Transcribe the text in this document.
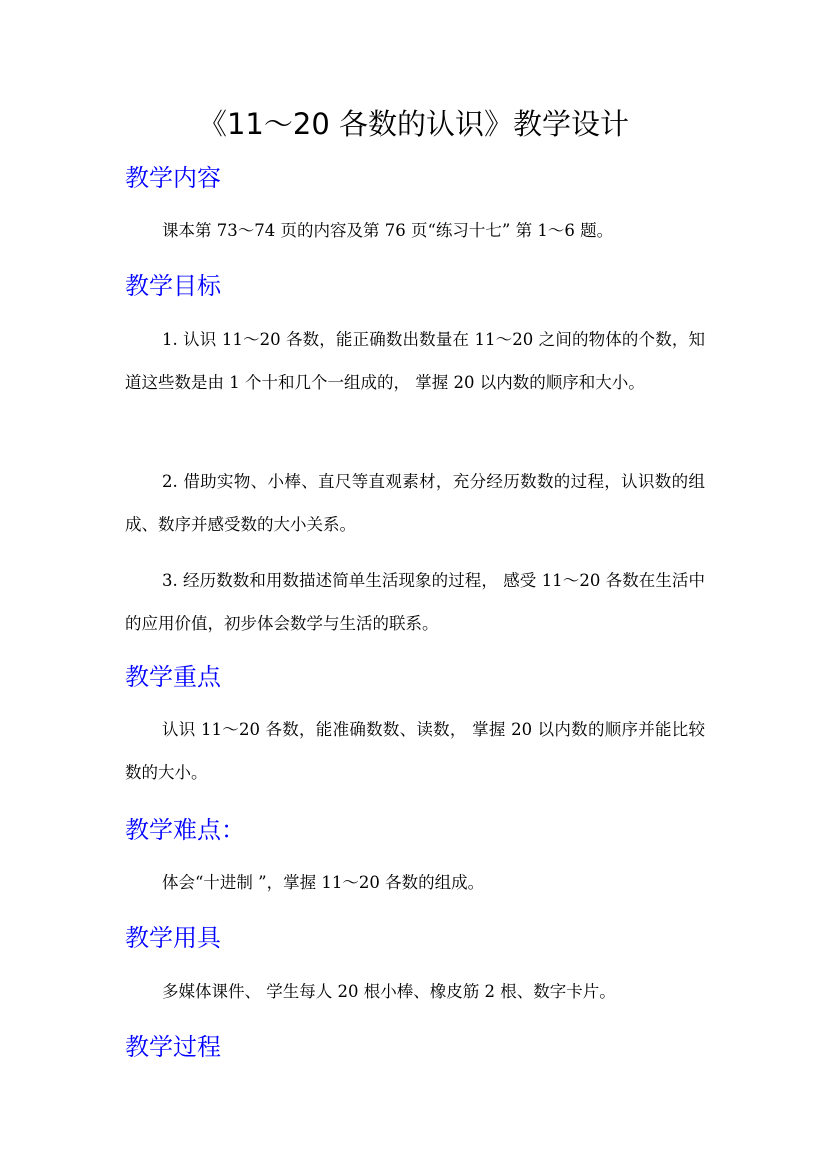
《11～20 各数的认识》教学设计
教学内容

课本第 73～74 页的内容及第 76 页“练习十七” 第 1～6 题。

教学目标

1. 认识 11～20 各数，能正确数出数量在 11～20 之间的物体的个数，知道这些数是由 1 个十和几个一组成的， 掌握 20 以内数的顺序和大小。

2. 借助实物、小棒、直尺等直观素材，充分经历数数的过程，认识数的组成、数序并感受数的大小关系。

3. 经历数数和用数描述简单生活现象的过程， 感受 11～20 各数在生活中的应用价值，初步体会数学与生活的联系。

教学重点

认识 11～20 各数，能准确数数、读数， 掌握 20 以内数的顺序并能比较数的大小。

教学难点：

体会“十进制 ”，掌握 11～20 各数的组成。

教学用具

多媒体课件、 学生每人 20 根小棒、橡皮筋 2 根、数字卡片。

教学过程
